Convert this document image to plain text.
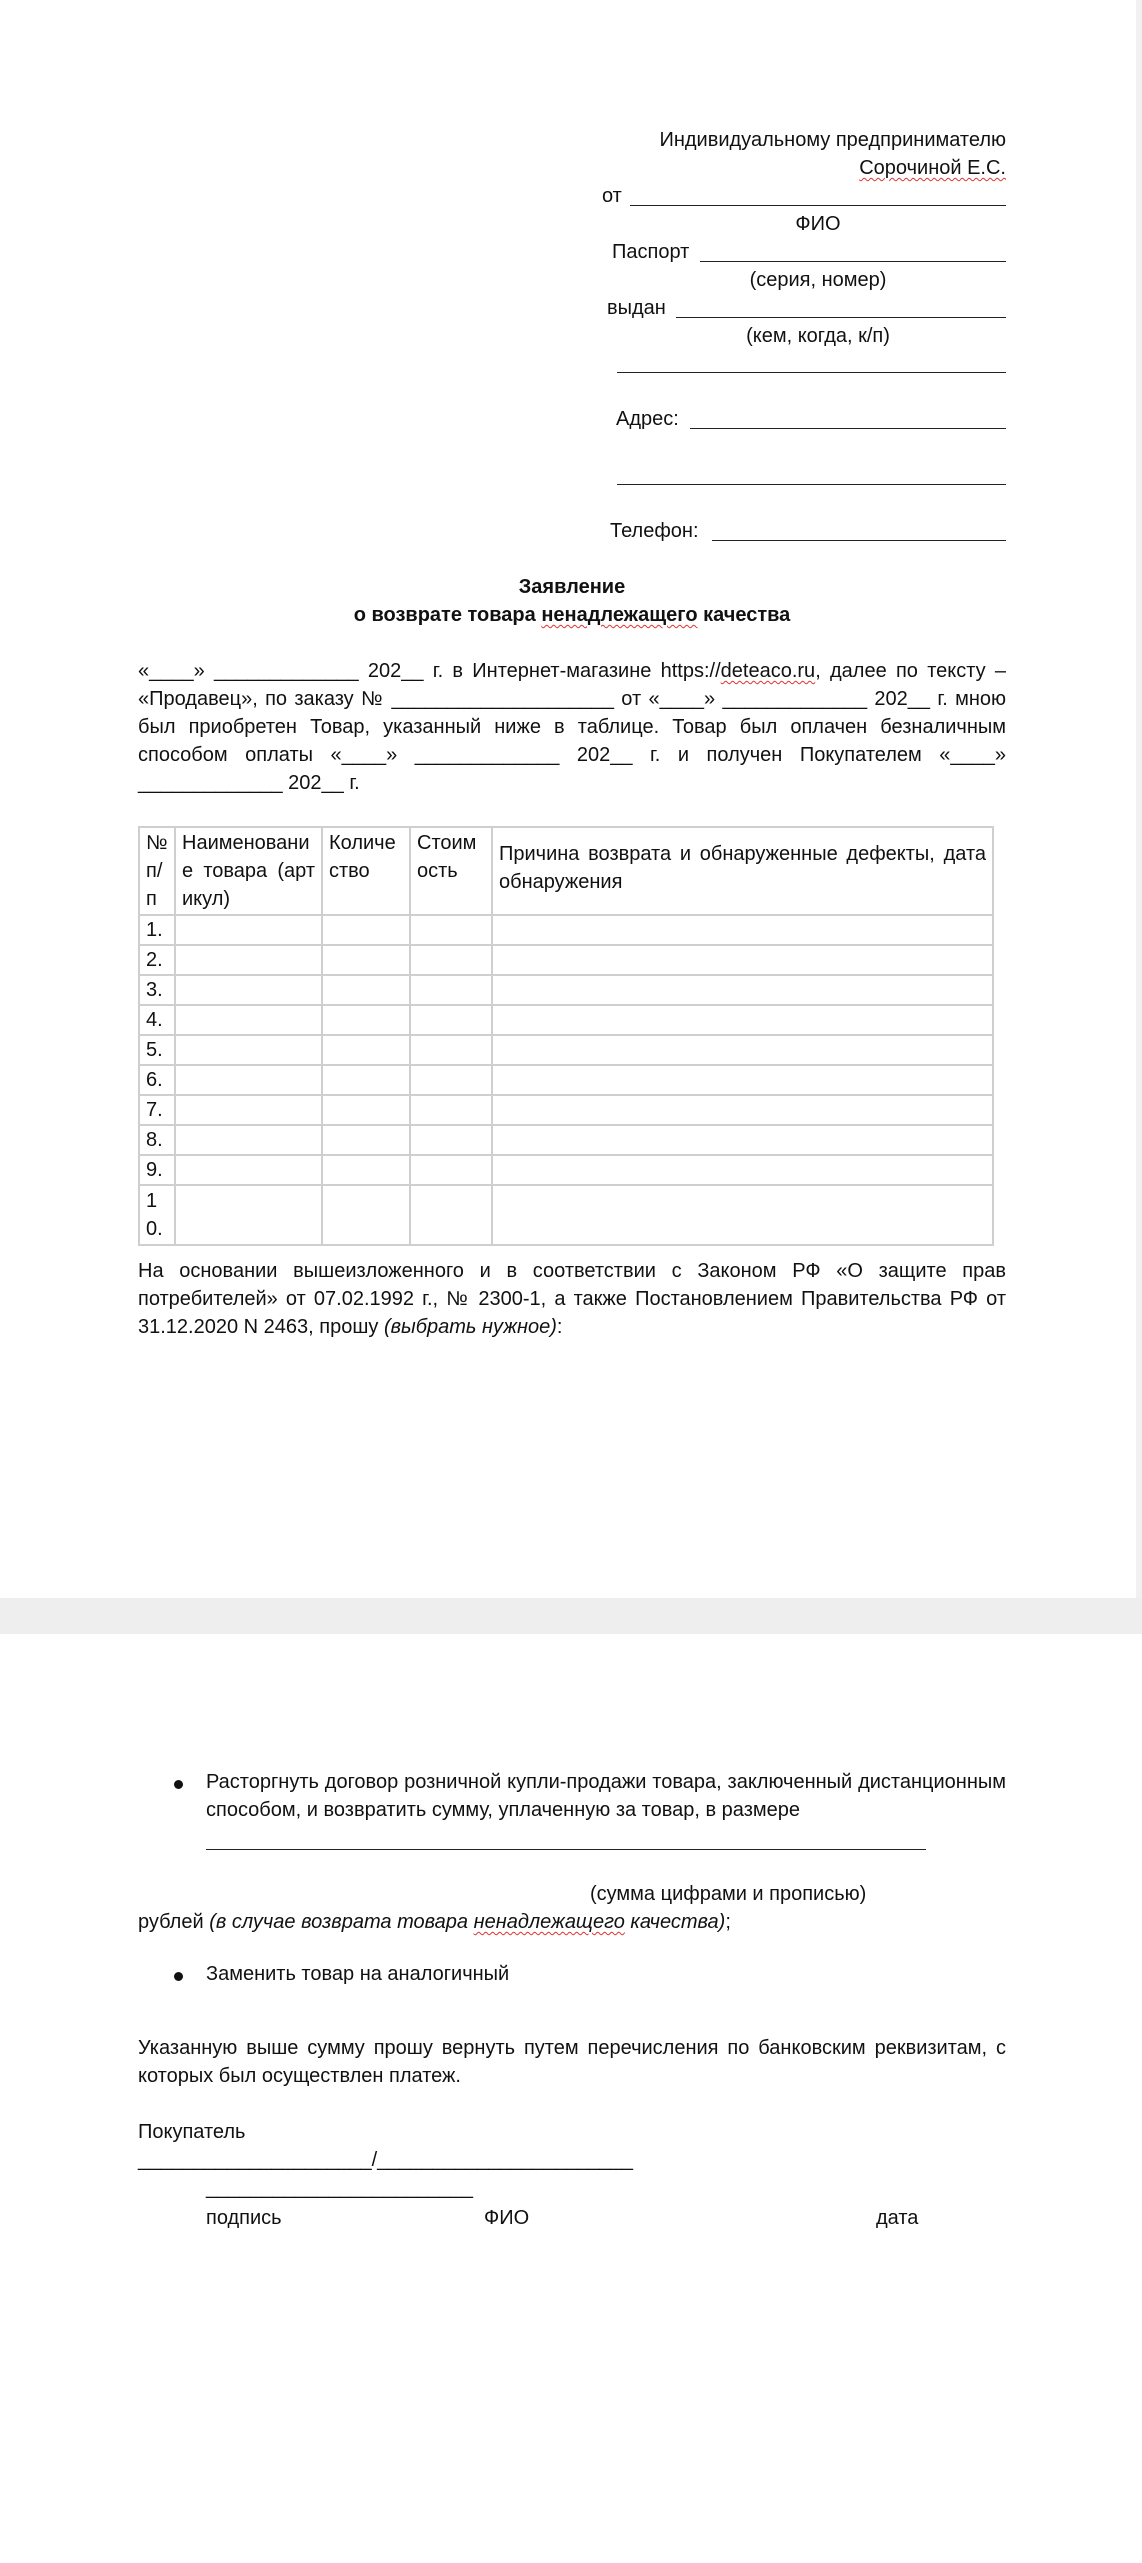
Индивидуальному предпринимателю
Сорочиной Е.С.
от
ФИО
Паспорт
(серия, номер)
выдан
(кем, когда, к/п)
Адрес:
Телефон:
Заявление
о возврате товара ненадлежащего качества
«____» _____________ 202__ г. в Интернет-магазине https://deteaco.ru, далее по тексту – «Продавец», по заказу № ____________________ от «____» _____________ 202__ г. мною был приобретен Товар, указанный ниже в таблице. Товар был оплачен безналичным способом оплаты «____» _____________ 202__ г. и получен Покупателем «____» _____________ 202__ г.
№ п/п	Наименование товара (артикул)	Количество	Стоимость	Причина возврата и обнаруженные дефекты, дата обнаружения
1.				
2.				
3.				
4.				
5.				
6.				
7.				
8.				
9.				
10.				
На основании вышеизложенного и в соответствии с Законом РФ «О защите прав потребителей» от 07.02.1992 г., № 2300-1, а также Постановлением Правительства РФ от 31.12.2020 N 2463, прошу (выбрать нужное):
Расторгнуть договор розничной купли-продажи товара, заключенный дистанционным способом, и возвратить сумму, уплаченную за товар, в размере
(сумма цифрами и прописью)
рублей (в случае возврата товара ненадлежащего качества);
Заменить товар на аналогичный
Указанную выше сумму прошу вернуть путем перечисления по банковским реквизитам, с которых был осуществлен платеж.
Покупатель
_____________________/_______________________
________________________
подпись	ФИО	дата
